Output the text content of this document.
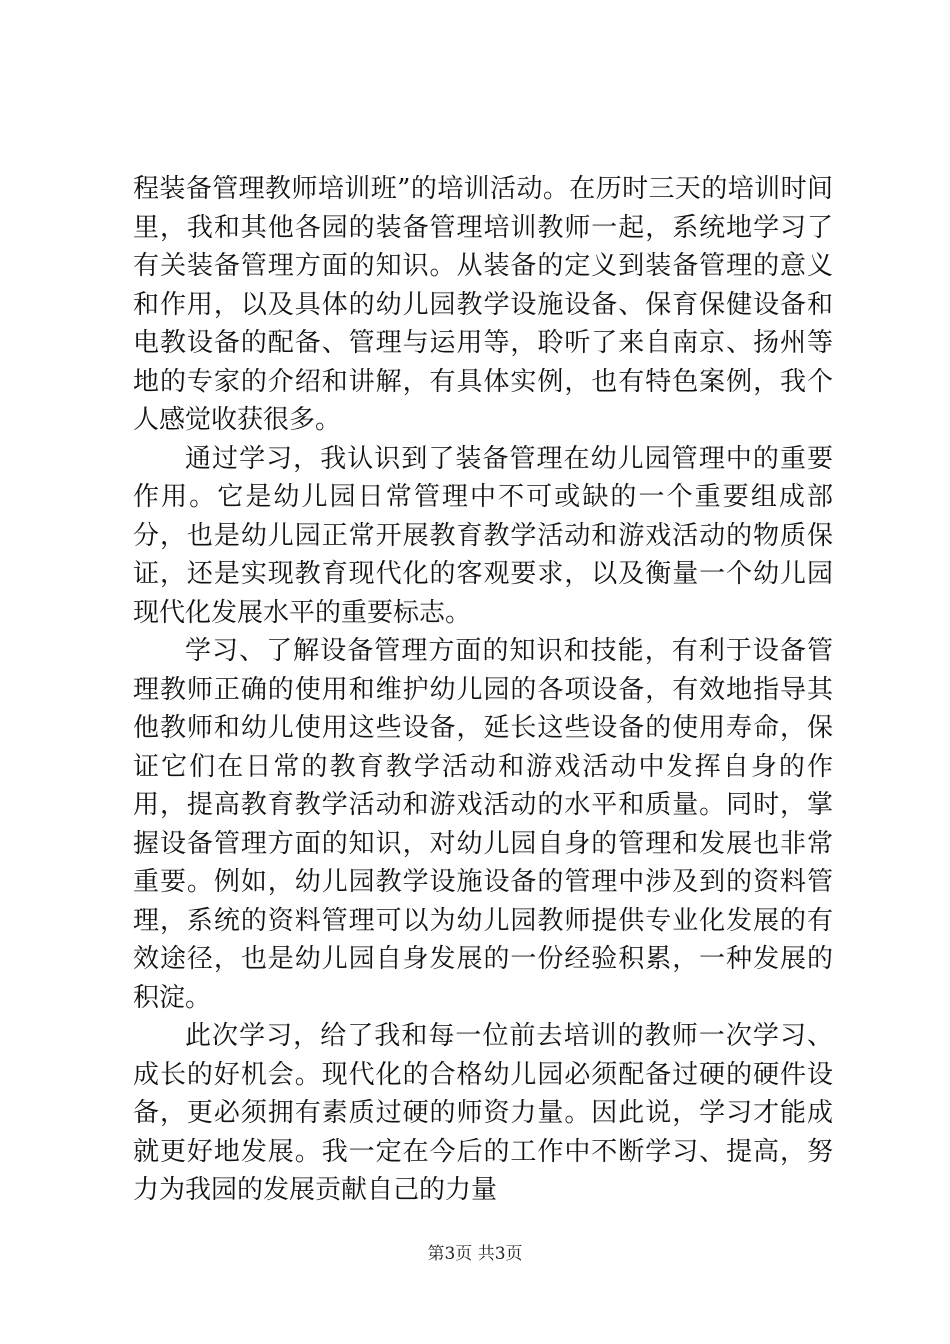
程装备管理教师培训班”的培训活动。在历时三天的培训时间里，我和其他各园的装备管理培训教师一起，系统地学习了有关装备管理方面的知识。从装备的定义到装备管理的意义和作用，以及具体的幼儿园教学设施设备、保育保健设备和电教设备的配备、管理与运用等，聆听了来自南京、扬州等地的专家的介绍和讲解，有具体实例，也有特色案例，我个人感觉收获很多。

通过学习，我认识到了装备管理在幼儿园管理中的重要作用。它是幼儿园日常管理中不可或缺的一个重要组成部分，也是幼儿园正常开展教育教学活动和游戏活动的物质保证，还是实现教育现代化的客观要求，以及衡量一个幼儿园现代化发展水平的重要标志。

学习、了解设备管理方面的知识和技能，有利于设备管理教师正确的使用和维护幼儿园的各项设备，有效地指导其他教师和幼儿使用这些设备，延长这些设备的使用寿命，保证它们在日常的教育教学活动和游戏活动中发挥自身的作用，提高教育教学活动和游戏活动的水平和质量。同时，掌握设备管理方面的知识，对幼儿园自身的管理和发展也非常重要。例如，幼儿园教学设施设备的管理中涉及到的资料管理，系统的资料管理可以为幼儿园教师提供专业化发展的有效途径，也是幼儿园自身发展的一份经验积累，一种发展的积淀。

此次学习，给了我和每一位前去培训的教师一次学习、成长的好机会。现代化的合格幼儿园必须配备过硬的硬件设备，更必须拥有素质过硬的师资力量。因此说，学习才能成就更好地发展。我一定在今后的工作中不断学习、提高，努力为我园的发展贡献自己的力量

第3页 共3页
